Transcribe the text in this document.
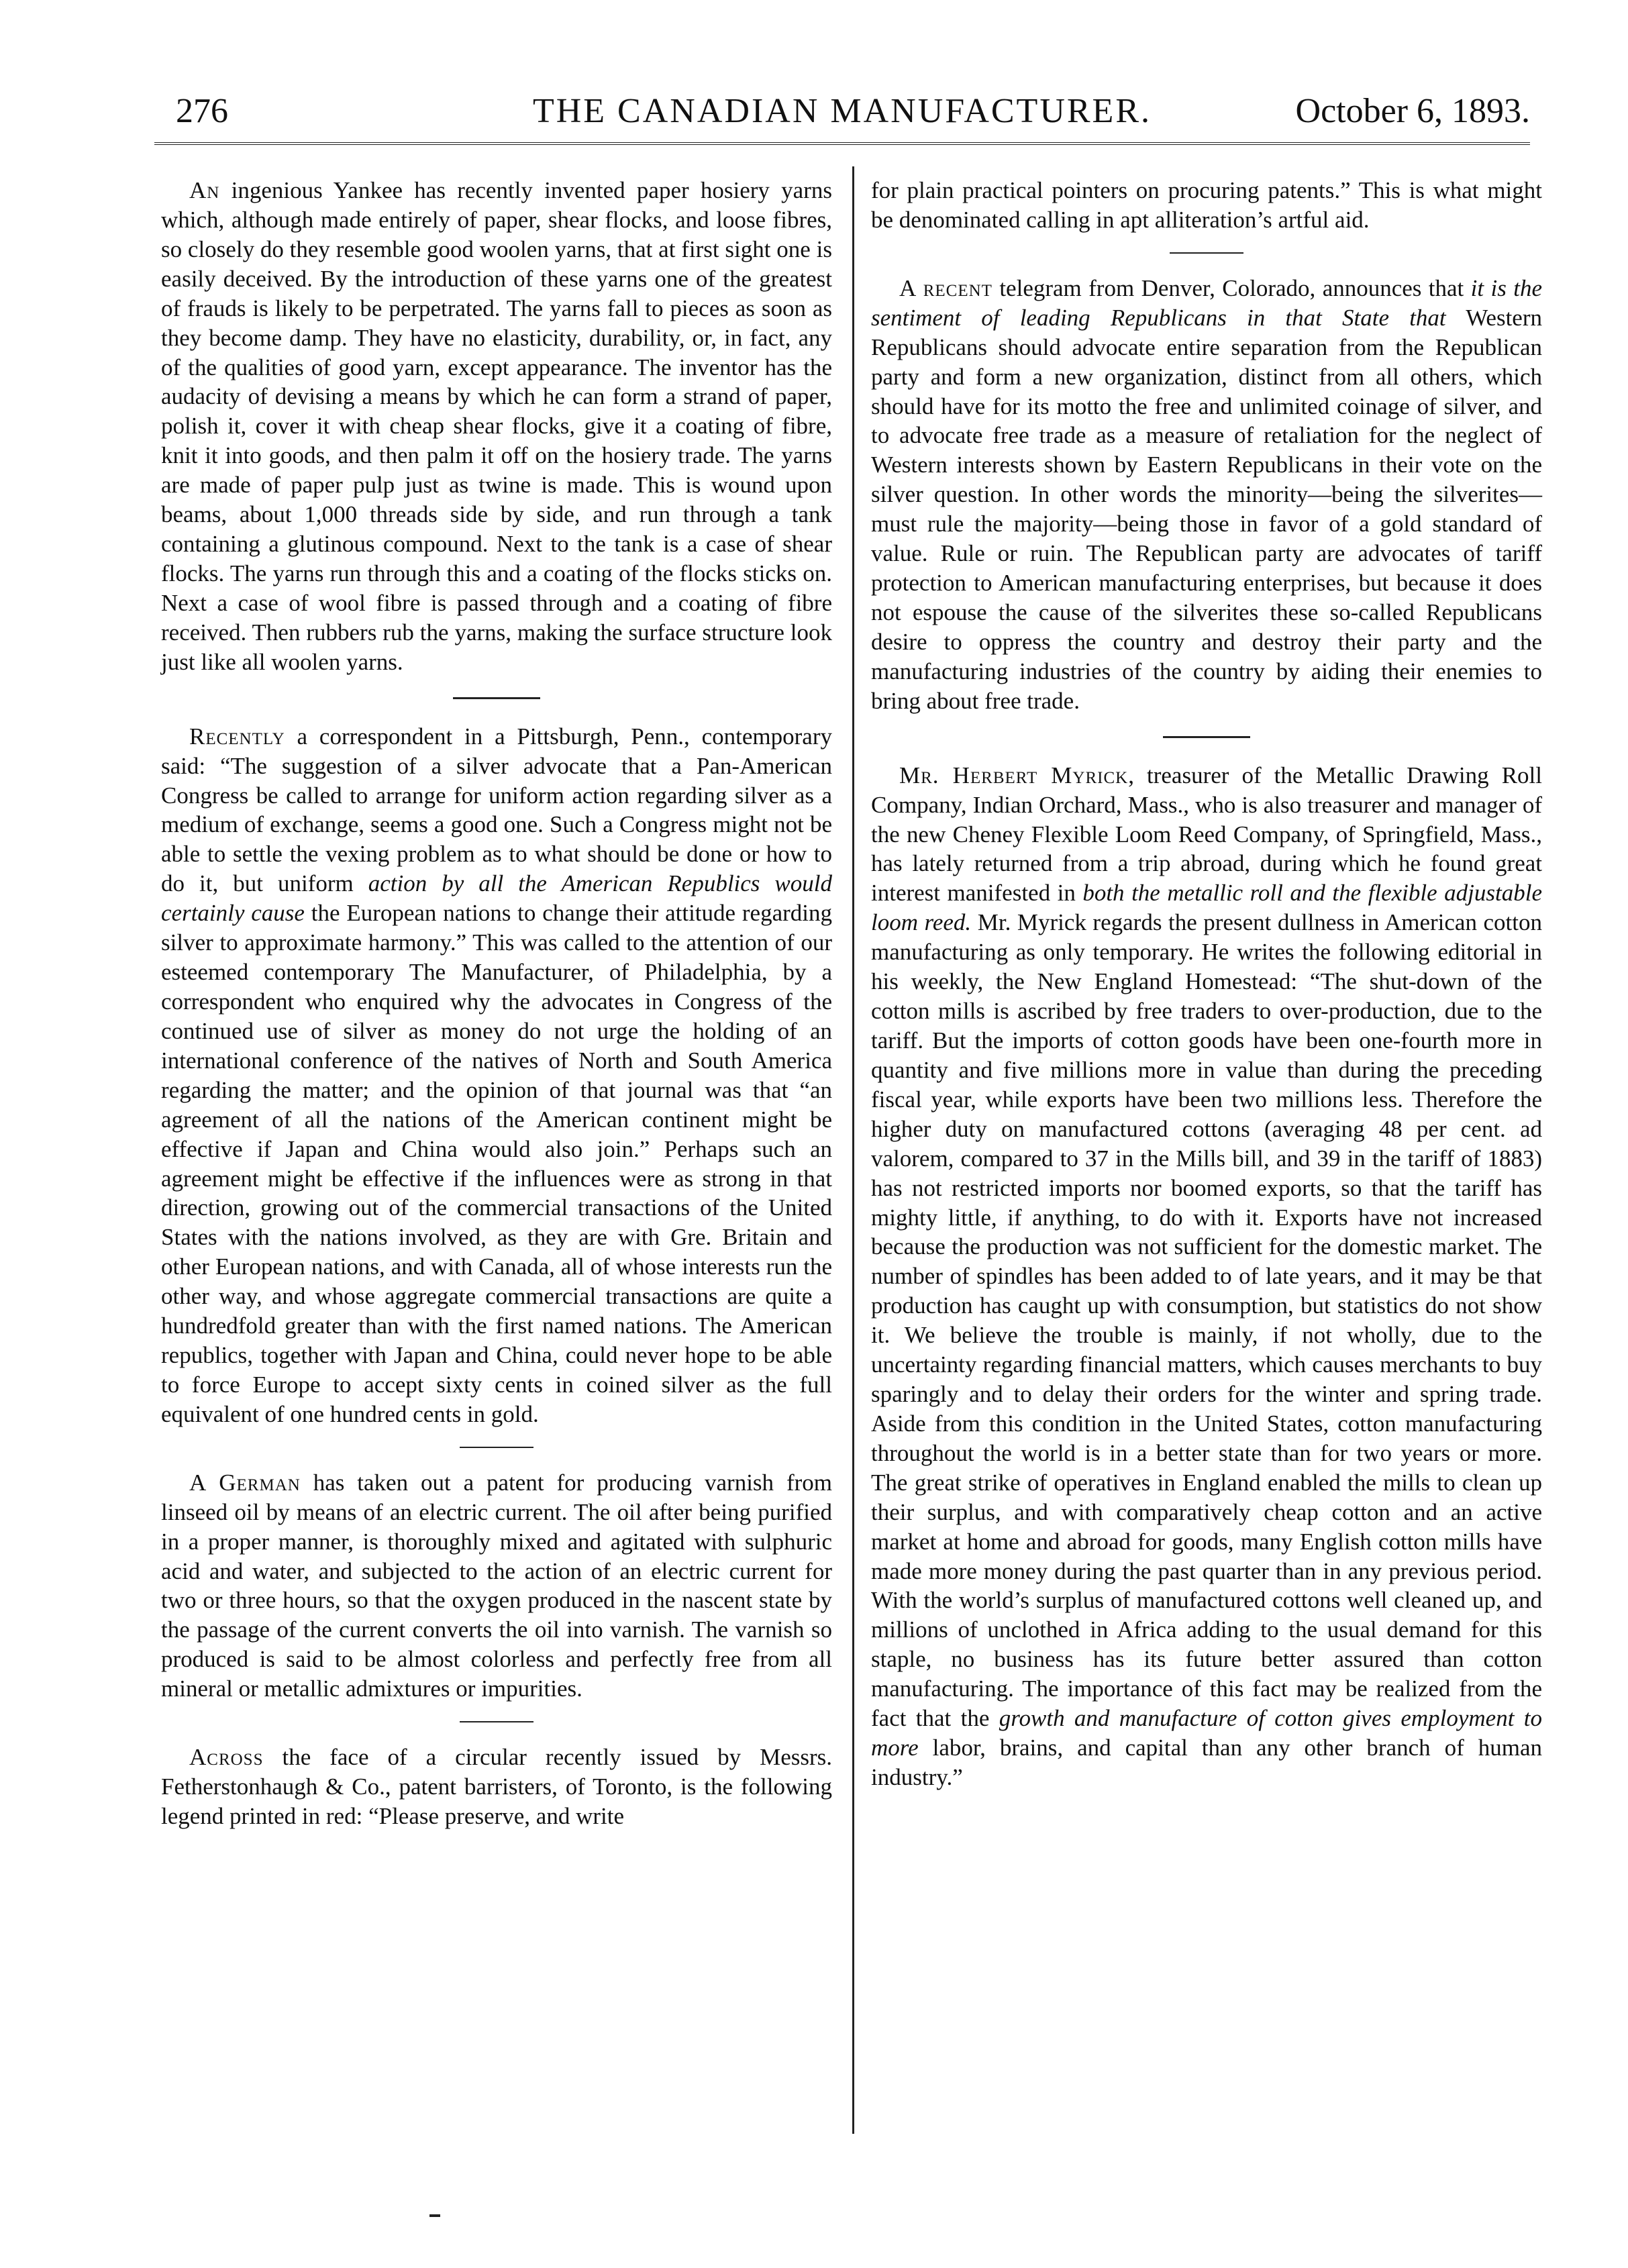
276	THE CANADIAN MANUFACTURER.	October 6, 1893.

An ingenious Yankee has recently invented paper hosiery yarns which, although made entirely of paper, shear flocks, and loose fibres, so closely do they resemble good woolen yarns, that at first sight one is easily deceived. By the introduction of these yarns one of the greatest of frauds is likely to be perpetrated. The yarns fall to pieces as soon as they become damp. They have no elasticity, durability, or, in fact, any of the qualities of good yarn, except appearance. The inventor has the audacity of devising a means by which he can form a strand of paper, polish it, cover it with cheap shear flocks, give it a coating of fibre, knit it into goods, and then palm it off on the hosiery trade. The yarns are made of paper pulp just as twine is made. This is wound upon beams, about 1,000 threads side by side, and run through a tank containing a glutinous compound. Next to the tank is a case of shear flocks. The yarns run through this and a coating of the flocks sticks on. Next a case of wool fibre is passed through and a coating of fibre received. Then rubbers rub the yarns, making the surface structure look just like all woolen yarns.

Recently a correspondent in a Pittsburgh, Penn., contemporary said: “The suggestion of a silver advocate that a Pan-American Congress be called to arrange for uniform action regarding silver as a medium of exchange, seems a good one. Such a Congress might not be able to settle the vexing problem as to what should be done or how to do it, but uniform action by all the American Republics would certainly cause the European nations to change their attitude regarding silver to approximate harmony.” This was called to the attention of our esteemed contemporary The Manufacturer, of Philadelphia, by a correspondent who enquired why the advocates in Congress of the continued use of silver as money do not urge the holding of an international conference of the natives of North and South America regarding the matter; and the opinion of that journal was that “an agreement of all the nations of the American continent might be effective if Japan and China would also join.” Perhaps such an agreement might be effective if the influences were as strong in that direction, growing out of the commercial transactions of the United States with the nations involved, as they are with Gre. Britain and other European nations, and with Canada, all of whose interests run the other way, and whose aggregate commercial transactions are quite a hundredfold greater than with the first named nations. The American republics, together with Japan and China, could never hope to be able to force Europe to accept sixty cents in coined silver as the full equivalent of one hundred cents in gold.

A German has taken out a patent for producing varnish from linseed oil by means of an electric current. The oil after being purified in a proper manner, is thoroughly mixed and agitated with sulphuric acid and water, and subjected to the action of an electric current for two or three hours, so that the oxygen produced in the nascent state by the passage of the current converts the oil into varnish. The varnish so produced is said to be almost colorless and perfectly free from all mineral or metallic admixtures or impurities.

Across the face of a circular recently issued by Messrs. Fetherstonhaugh & Co., patent barristers, of Toronto, is the following legend printed in red: “Please preserve, and write

for plain practical pointers on procuring patents.” This is what might be denominated calling in apt alliteration’s artful aid.

A recent telegram from Denver, Colorado, announces that it is the sentiment of leading Republicans in that State that Western Republicans should advocate entire separation from the Republican party and form a new organization, distinct from all others, which should have for its motto the free and unlimited coinage of silver, and to advocate free trade as a measure of retaliation for the neglect of Western interests shown by Eastern Republicans in their vote on the silver question. In other words the minority—being the silverites—must rule the majority—being those in favor of a gold standard of value. Rule or ruin. The Republican party are advocates of tariff protection to American manufacturing enterprises, but because it does not espouse the cause of the silverites these so-called Republicans desire to oppress the country and destroy their party and the manufacturing industries of the country by aiding their enemies to bring about free trade.

Mr. Herbert Myrick, treasurer of the Metallic Drawing Roll Company, Indian Orchard, Mass., who is also treasurer and manager of the new Cheney Flexible Loom Reed Company, of Springfield, Mass., has lately returned from a trip abroad, during which he found great interest manifested in both the metallic roll and the flexible adjustable loom reed. Mr. Myrick regards the present dullness in American cotton manufacturing as only temporary. He writes the following editorial in his weekly, the New England Homestead: “The shut-down of the cotton mills is ascribed by free traders to over-production, due to the tariff. But the imports of cotton goods have been one-fourth more in quantity and five millions more in value than during the preceding fiscal year, while exports have been two millions less. Therefore the higher duty on manufactured cottons (averaging 48 per cent. ad valorem, compared to 37 in the Mills bill, and 39 in the tariff of 1883) has not restricted imports nor boomed exports, so that the tariff has mighty little, if anything, to do with it. Exports have not increased because the production was not sufficient for the domestic market. The number of spindles has been added to of late years, and it may be that production has caught up with consumption, but statistics do not show it. We believe the trouble is mainly, if not wholly, due to the uncertainty regarding financial matters, which causes merchants to buy sparingly and to delay their orders for the winter and spring trade. Aside from this condition in the United States, cotton manufacturing throughout the world is in a better state than for two years or more. The great strike of operatives in England enabled the mills to clean up their surplus, and with comparatively cheap cotton and an active market at home and abroad for goods, many English cotton mills have made more money during the past quarter than in any previous period. With the world’s surplus of manufactured cottons well cleaned up, and millions of unclothed in Africa adding to the usual demand for this staple, no business has its future better assured than cotton manufacturing. The importance of this fact may be realized from the fact that the growth and manufacture of cotton gives employment to more labor, brains, and capital than any other branch of human industry.”
